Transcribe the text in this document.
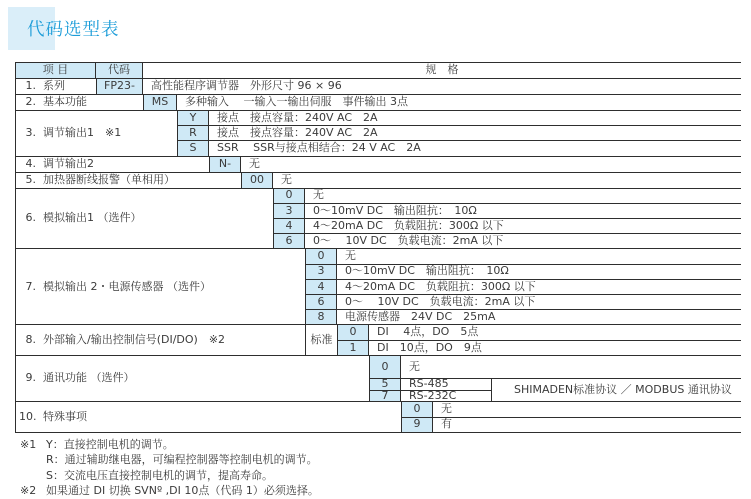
代码选型表
项 目	代码	规　格
1. 系列	FP23-	高性能程序调节器　外形尺寸 96 × 96
2. 基本功能	MS	多种输入　 一输入一输出伺服　事件输出 3点
3. 调节输出1　※1
Y	接点　接点容量：240V AC　2A
R	接点　接点容量：240V AC　2A
S	SSR　 SSR与接点相结合：24 V AC　2A
4. 调节输出2	N-	无
5. 加热器断线报警（单相用）	00	无
6. 模拟输出1 （选件）
0	无
3	0～10mV DC　输出阻抗：　10Ω
4	4～20mA DC　负载阻抗：300Ω 以下
6	0～　 10V DC　负载电流：2mA 以下
7. 模拟输出 2・电源传感器 （选件）
0	无
3	0～10mV DC　输出阻抗：　10Ω
4	4～20mA DC　负载阻抗：300Ω 以下
6	0～　 10V DC　负载电流：2mA 以下
8	电源传感器　24V DC　25mA
8. 外部输入/输出控制信号(DI/DO)　※2	标准
0	DI　 4点，DO　5点
1	DI　10点，DO　9点
9. 通讯功能 （选件）
0	无
5	RS-485
7	RS-232C	SHIMADEN标准协议 ／ MODBUS 通讯协议
10. 特殊事项
0	无
9	有
※1 Y：直接控制电机的调节。
R：通过辅助继电器，可编程控制器等控制电机的调节。
S：交流电压直接控制电机的调节，提高寿命。
※2 如果通过 DI 切换 SVNº ,DI 10点（代码 1）必须选择。
